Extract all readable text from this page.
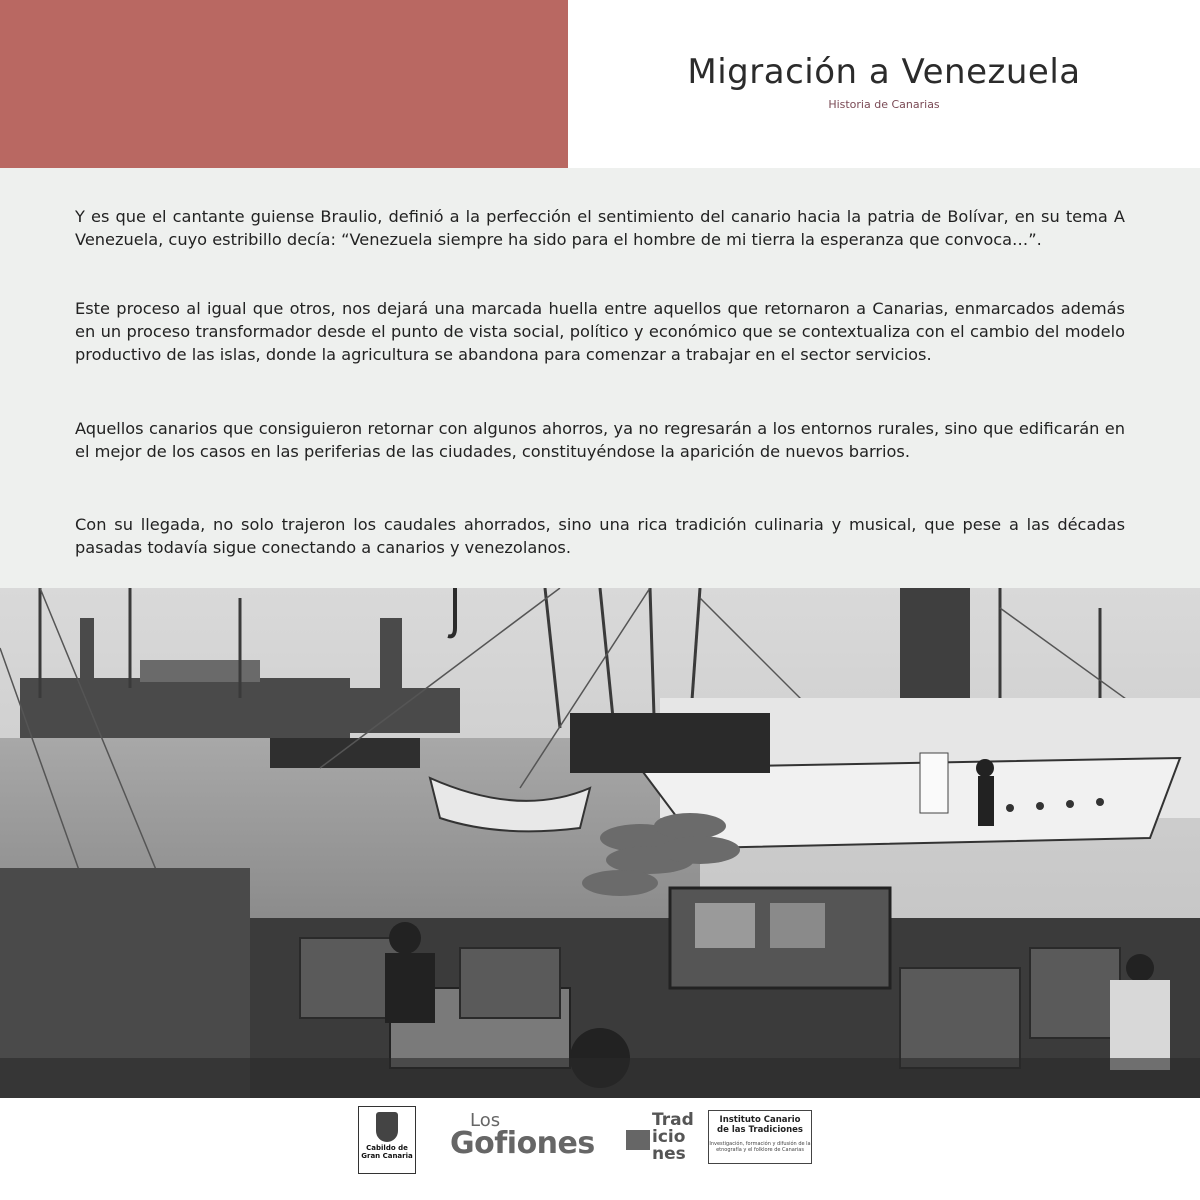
Migración a Venezuela
Historia de Canarias

Y es que el cantante guiense Braulio, definió a la perfección el sentimiento del canario hacia la patria de Bolívar, en su tema A Venezuela, cuyo estribillo decía: “Venezuela siempre ha sido para el hombre de mi tierra la esperanza que convoca…”.

Este proceso al igual que otros, nos dejará una marcada huella entre aquellos que retornaron a Canarias, enmarcados además en un proceso transformador desde el punto de vista social, político y económico que se contextualiza con el cambio del modelo productivo de las islas, donde la agricultura se abandona para comenzar a trabajar en el sector servicios.

Aquellos canarios que consiguieron retornar con algunos ahorros, ya no regresarán a los entornos rurales, sino que edificarán en el mejor de los casos en las periferias de las ciudades, constituyéndose la aparición de nuevos barrios.

Con su llegada, no solo trajeron los caudales ahorrados, sino una rica tradición culinaria y musical, que pese a las décadas pasadas todavía sigue conectando a canarios y venezolanos.

Cabildo de
Gran Canaria
Los
Gofiones
Trad
icio
nes
Instituto Canario
de las Tradiciones
Investigación, formación y difusión de la etnografía y el folklore de Canarias
